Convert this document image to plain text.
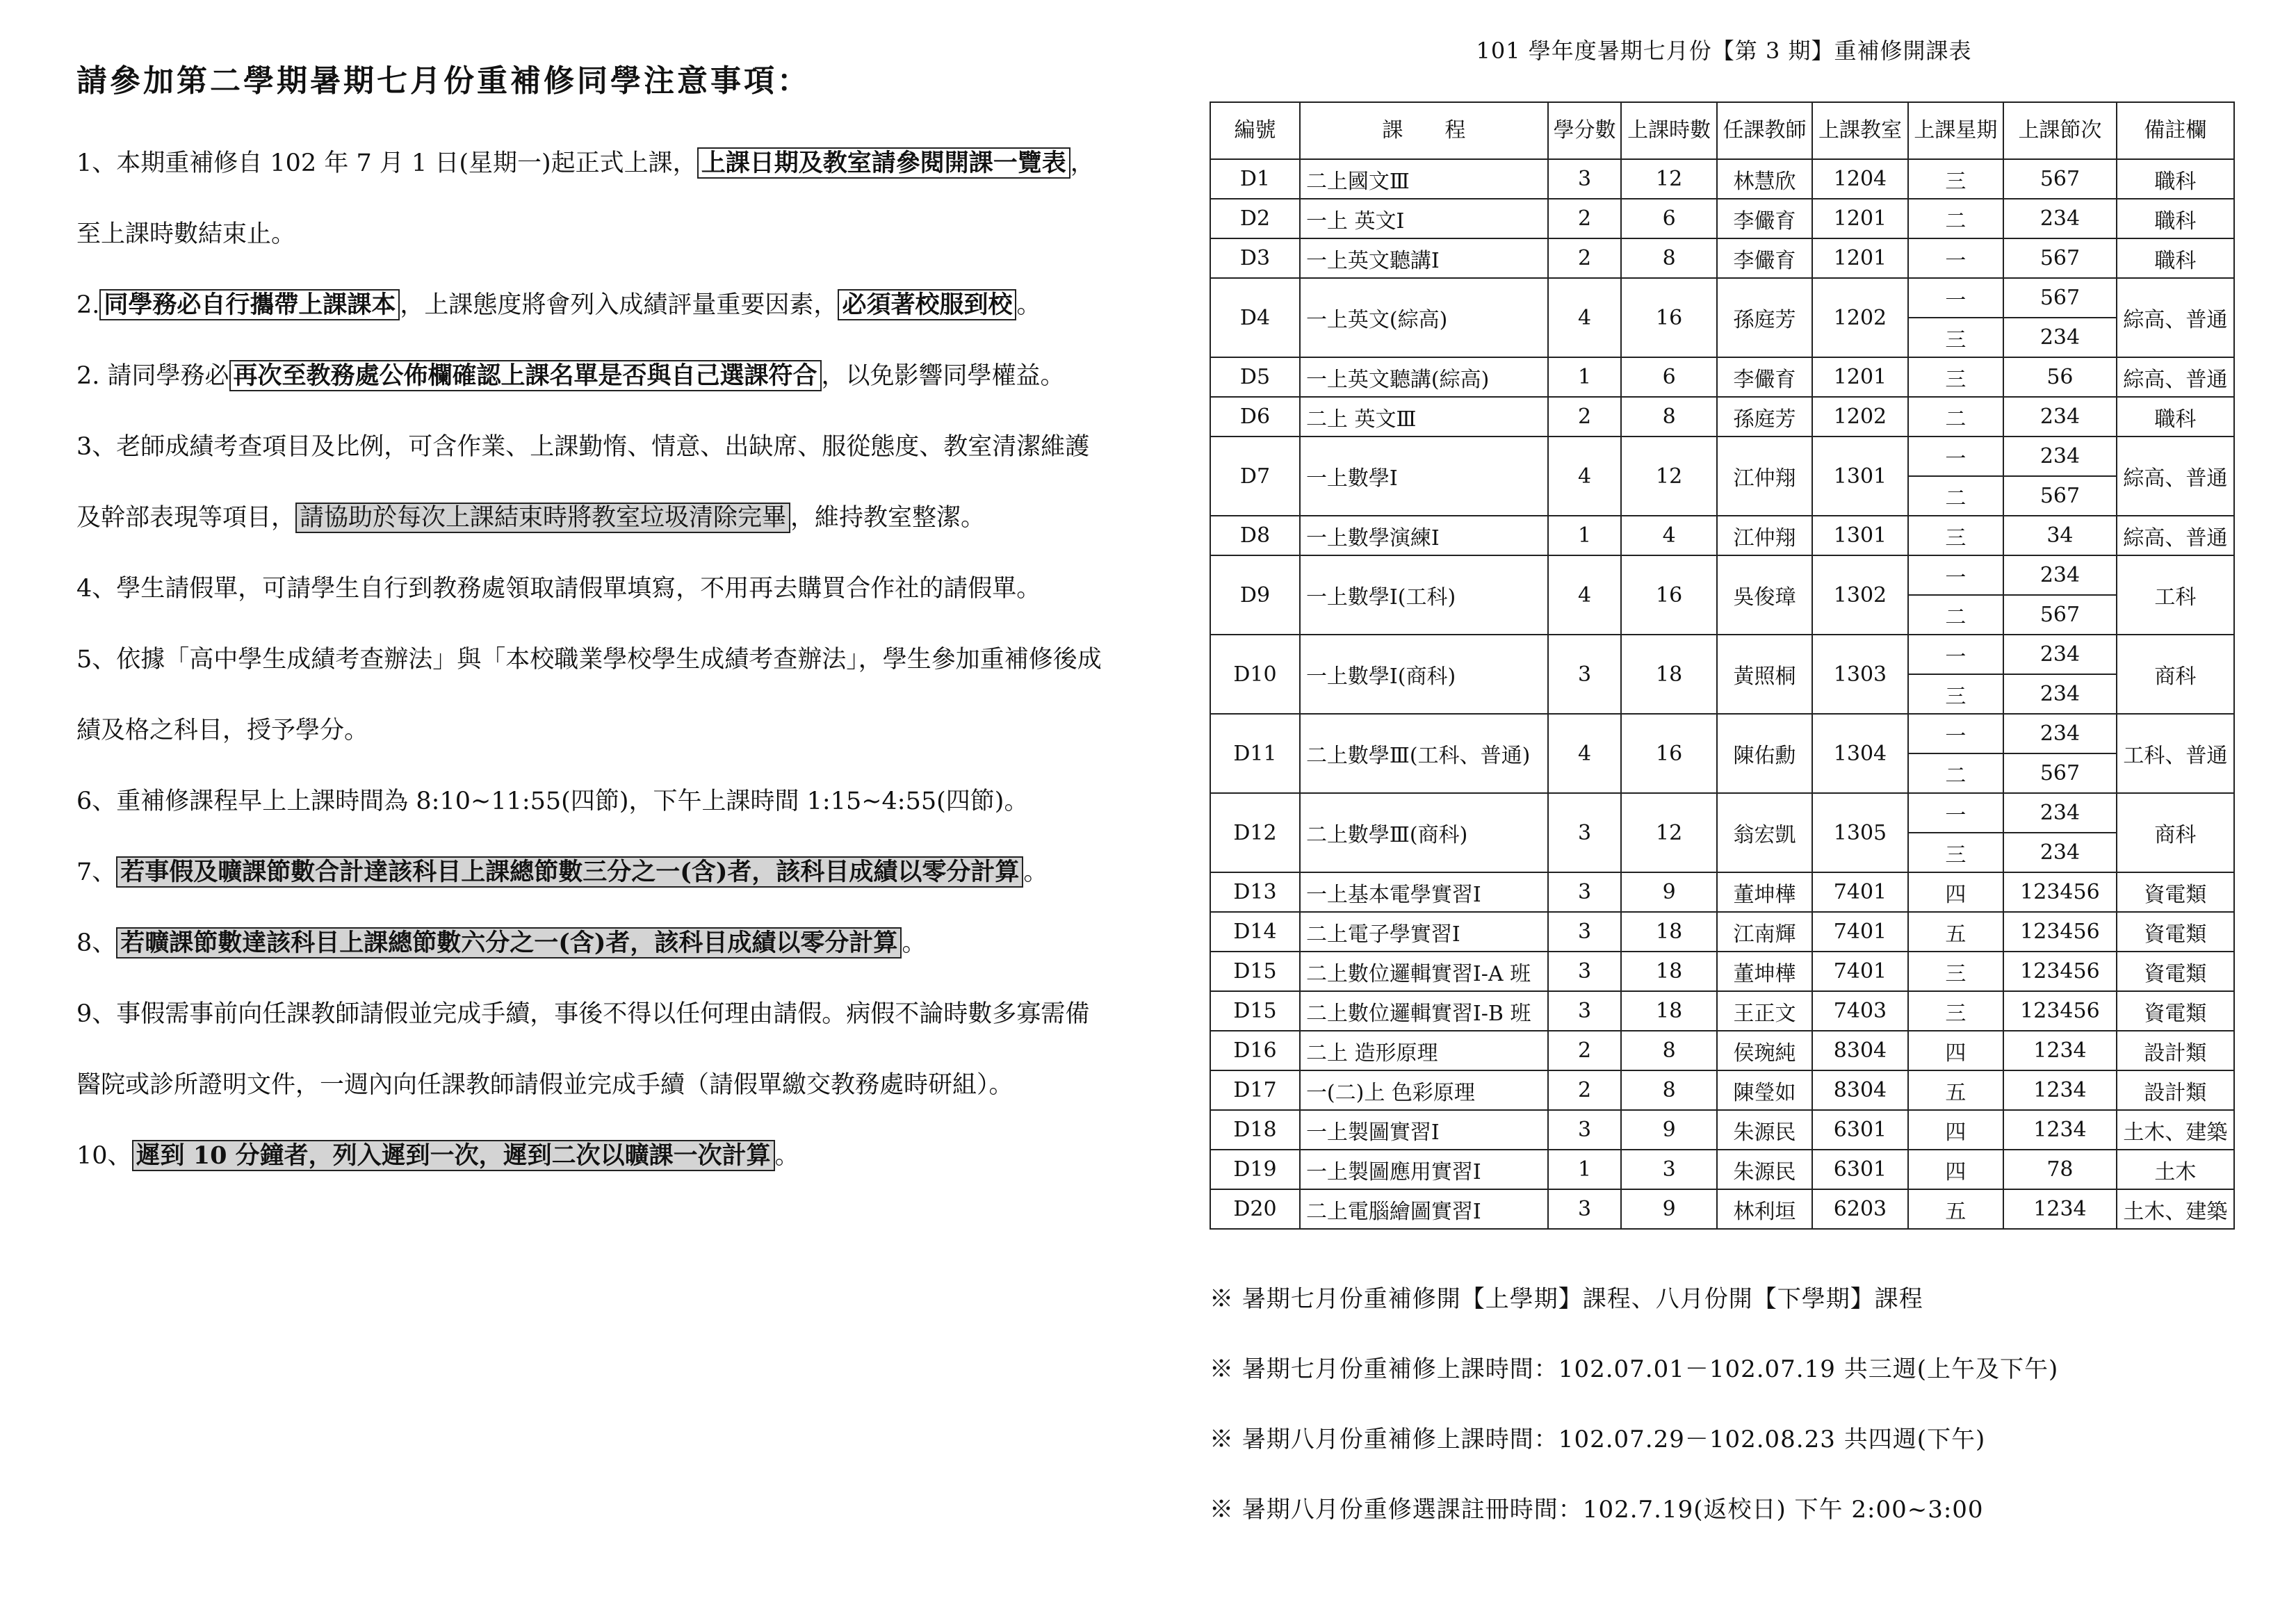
請參加第二學期暑期七月份重補修同學注意事項：

1、本期重補修自 102 年 7 月 1 日(星期一)起正式上課， 上課日期及教室請參閱開課一覽表 ，至上課時數結束止。

2. 同學務必自行攜帶上課課本 ，上課態度將會列入成績評量重要因素， 必須著校服到校 。

2. 請同學務必 再次至教務處公佈欄確認上課名單是否與自己選課符合 ，以免影響同學權益。

3、老師成績考查項目及比例，可含作業、上課勤惰、情意、出缺席、服從態度、教室清潔維護及幹部表現等項目， 請協助於每次上課結束時將教室垃圾清除完畢 ，維持教室整潔。

4、學生請假單，可請學生自行到教務處領取請假單填寫，不用再去購買合作社的請假單。

5、依據「高中學生成績考查辦法」與「本校職業學校學生成績考查辦法」，學生參加重補修後成績及格之科目，授予學分。

6、重補修課程早上上課時間為 8:10~11:55(四節)，下午上課時間 1:15~4:55(四節)。

7、 若事假及曠課節數合計達該科目上課總節數三分之一(含)者，該科目成績以零分計算 。

8、 若曠課節數達該科目上課總節數六分之一(含)者，該科目成績以零分計算 。

9、事假需事前向任課教師請假並完成手續，事後不得以任何理由請假。病假不論時數多寡需備醫院或診所證明文件，一週內向任課教師請假並完成手續（請假單繳交教務處時研組）。

10、 遲到 10 分鐘者，列入遲到一次，遲到二次以曠課一次計算 。

101 學年度暑期七月份【第 3 期】重補修開課表
編號	課　　程	學分數	上課時數	任課教師	上課教室	上課星期	上課節次	備註欄
D1	二上國文Ⅲ	3	12	林慧欣	1204	三	567	職科
D2	一上 英文Ⅰ	2	6	李儼育	1201	二	234	職科
D3	一上英文聽講Ⅰ	2	8	李儼育	1201	一	567	職科
D4	一上英文(綜高)	4	16	孫庭芳	1202	一	567	綜高、普通
						三	234	
D5	一上英文聽講(綜高)	1	6	李儼育	1201	三	56	綜高、普通
D6	二上 英文Ⅲ	2	8	孫庭芳	1202	二	234	職科
D7	一上數學Ⅰ	4	12	江仲翔	1301	一	234	綜高、普通
						二	567	
D8	一上數學演練Ⅰ	1	4	江仲翔	1301	三	34	綜高、普通
D9	一上數學Ⅰ(工科)	4	16	吳俊璋	1302	一	234	工科
						二	567	
D10	一上數學Ⅰ(商科)	3	18	黃照桐	1303	一	234	商科
						三	234	
D11	二上數學Ⅲ(工科、普通)	4	16	陳佑勳	1304	一	234	工科、普通
						二	567	
D12	二上數學Ⅲ(商科)	3	12	翁宏凱	1305	一	234	商科
						三	234	
D13	一上基本電學實習Ⅰ	3	9	董坤樺	7401	四	123456	資電類
D14	二上電子學實習Ⅰ	3	18	江南輝	7401	五	123456	資電類
D15	二上數位邏輯實習Ⅰ-A 班	3	18	董坤樺	7401	三	123456	資電類
D15	二上數位邏輯實習Ⅰ-B 班	3	18	王正文	7403	三	123456	資電類
D16	二上 造形原理	2	8	侯琬純	8304	四	1234	設計類
D17	一(二)上 色彩原理	2	8	陳瑩如	8304	五	1234	設計類
D18	一上製圖實習Ⅰ	3	9	朱源民	6301	四	1234	土木、建築
D19	一上製圖應用實習Ⅰ	1	3	朱源民	6301	四	78	土木
D20	二上電腦繪圖實習Ⅰ	3	9	林利垣	6203	五	1234	土木、建築

※ 暑期七月份重補修開【上學期】課程、八月份開【下學期】課程

※ 暑期七月份重補修上課時間：102.07.01－102.07.19 共三週(上午及下午)

※ 暑期八月份重補修上課時間：102.07.29－102.08.23 共四週(下午)

※ 暑期八月份重修選課註冊時間：102.7.19(返校日) 下午 2:00~3:00
